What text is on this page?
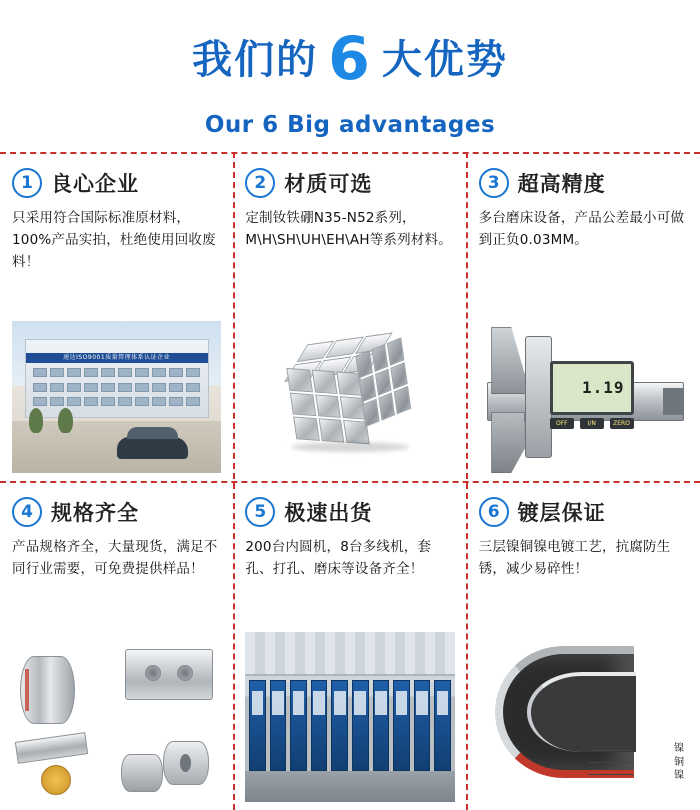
我们的 6 大优势
Our 6 Big advantages
1 良心企业
只采用符合国际标准原材料，100%产品实拍，杜绝使用回收废料！
速达ISO9001质量管理体系认证企业
2 材质可选
定制钕铁硼N35-N52系列，M\H\SH\UH\EH\AH等系列材料。
3 超高精度
多台磨床设备，产品公差最小可做到正负0.03MM。
1.19
OFF	I/N	ZERO
4 规格齐全
产品规格齐全，大量现货，满足不同行业需要，可免费提供样品！
5 极速出货
200台内圆机，8台多线机，套孔、打孔、磨床等设备齐全！
6 镀层保证
三层镍铜镍电镀工艺，抗腐防生锈，减少易碎性！
镍
铜
镍
